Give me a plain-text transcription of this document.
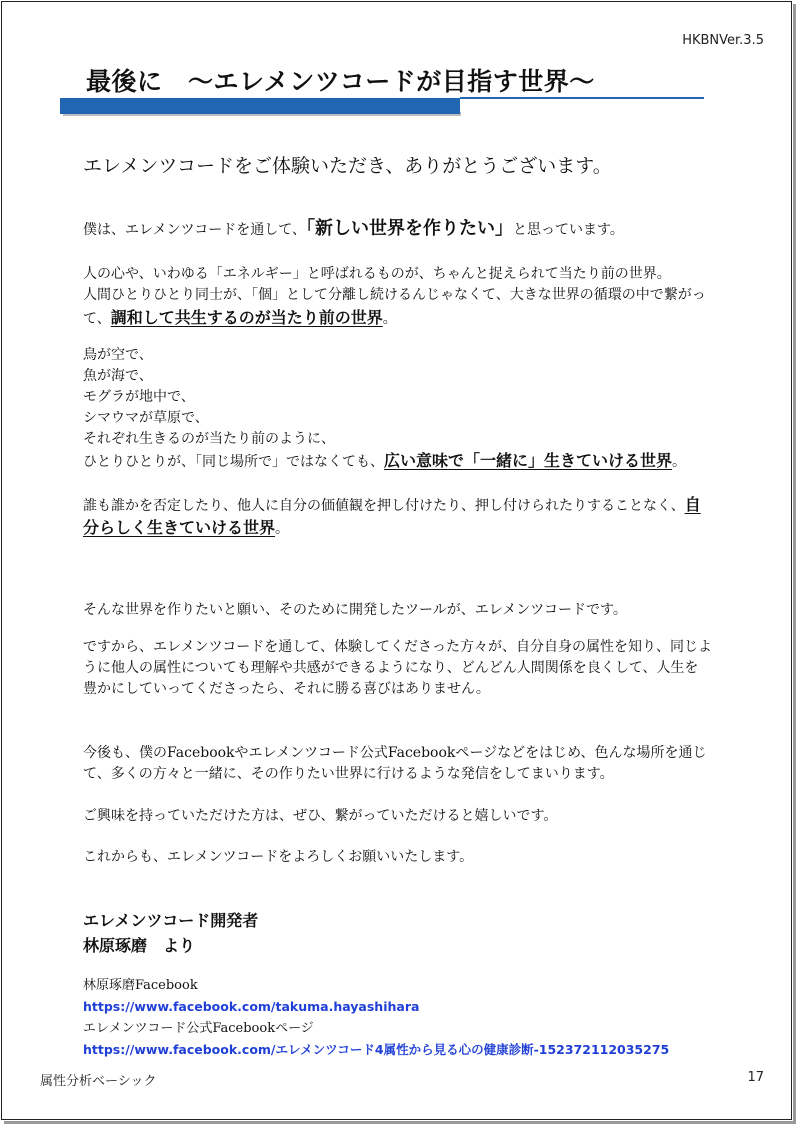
HKBNVer.3.5
最後に　～エレメンツコードが目指す世界～
エレメンツコードをご体験いただき、ありがとうございます。
僕は、エレメンツコードを通して、「新しい世界を作りたい」と思っています。
人の心や、いわゆる「エネルギー」と呼ばれるものが、ちゃんと捉えられて当たり前の世界。
人間ひとりひとり同士が、「個」として分離し続けるんじゃなくて、大きな世界の循環の中で繋がっ
て、調和して共生するのが当たり前の世界。
鳥が空で、
魚が海で、
モグラが地中で、
シマウマが草原で、
それぞれ生きるのが当たり前のように、
ひとりひとりが、「同じ場所で」ではなくても、広い意味で「一緒に」生きていける世界。
誰も誰かを否定したり、他人に自分の価値観を押し付けたり、押し付けられたりすることなく、自
分らしく生きていける世界。
そんな世界を作りたいと願い、そのために開発したツールが、エレメンツコードです。
ですから、エレメンツコードを通して、体験してくださった方々が、自分自身の属性を知り、同じよ
うに他人の属性についても理解や共感ができるようになり、どんどん人間関係を良くして、人生を
豊かにしていってくださったら、それに勝る喜びはありません。
今後も、僕のFacebookやエレメンツコード公式Facebookページなどをはじめ、色んな場所を通じ
て、多くの方々と一緒に、その作りたい世界に行けるような発信をしてまいります。
ご興味を持っていただけた方は、ぜひ、繋がっていただけると嬉しいです。
これからも、エレメンツコードをよろしくお願いいたします。
エレメンツコード開発者
林原琢磨　より
林原琢磨Facebook
https://www.facebook.com/takuma.hayashihara
エレメンツコード公式Facebookページ
https://www.facebook.com/エレメンツコード4属性から見る心の健康診断-152372112035275
属性分析ベーシック	17
